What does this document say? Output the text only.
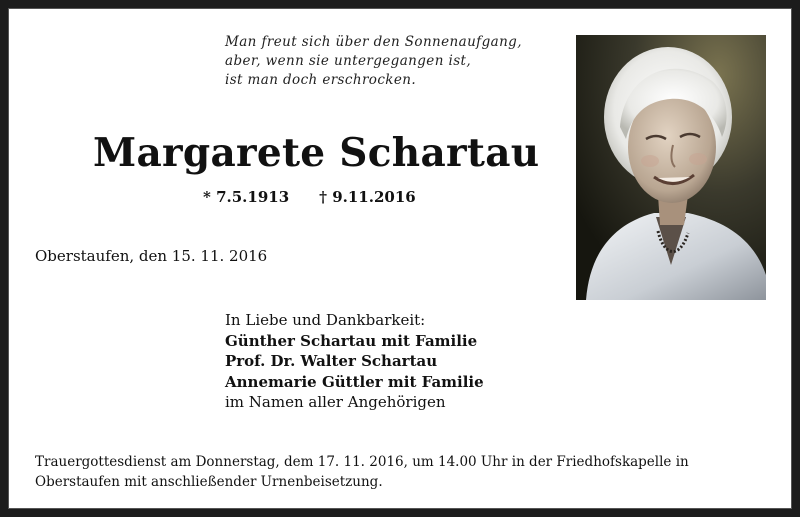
Man freut sich über den Sonnenaufgang,
aber, wenn sie untergegangen ist,
ist man doch erschrocken.
Margarete Schartau
* 7.5.1913 † 9.11.2016
Oberstaufen, den 15. 11. 2016
In Liebe und Dankbarkeit:
Günther Schartau mit Familie
Prof. Dr. Walter Schartau
Annemarie Güttler mit Familie
im Namen aller Angehörigen
Trauergottesdienst am Donnerstag, dem 17. 11. 2016, um 14.00 Uhr in der Friedhofskapelle in
Oberstaufen mit anschließender Urnenbeisetzung.
